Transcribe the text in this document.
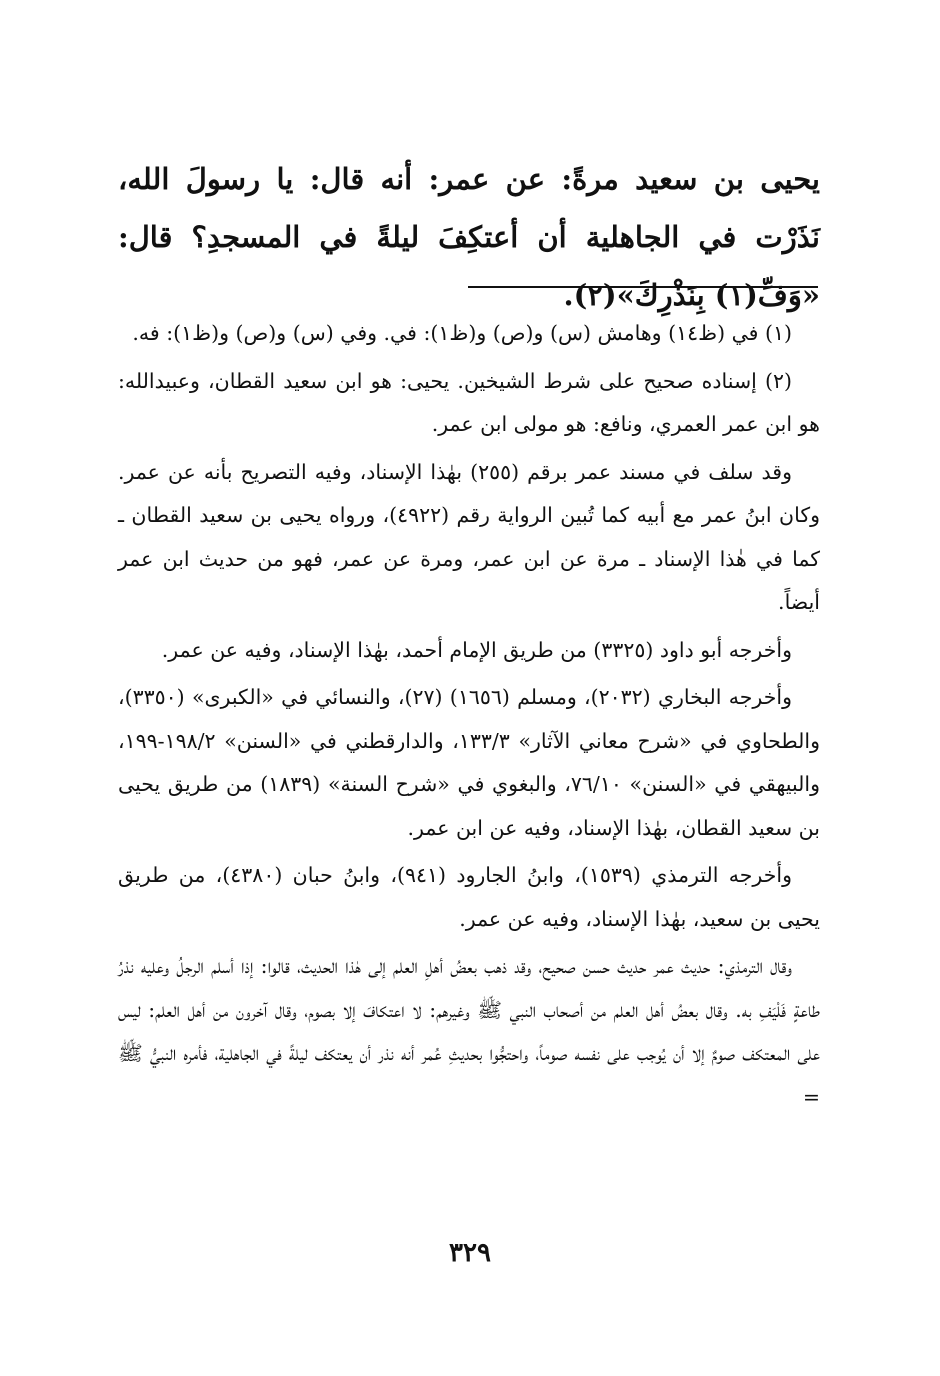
يحيى بن سعيد مرةً: عن عمر: أنه قال: يا رسولَ الله، نَذَرْت في الجاهلية أن أعتكِفَ ليلةً في المسجدِ؟ قال: «وَفِّ(١) بِنَذْرِكَ»(٢).

(١) في (ظ١٤) وهامش (س) و(ص) و(ظ١): في. وفي (س) و(ص) و(ظ١): فه.

(٢) إسناده صحيح على شرط الشيخين. يحيى: هو ابن سعيد القطان، وعبيدالله: هو ابن عمر العمري، ونافع: هو مولى ابن عمر.

وقد سلف في مسند عمر برقم (٢٥٥) بهٰذا الإسناد، وفيه التصريح بأنه عن عمر. وكان ابنُ عمر مع أبيه كما تُبين الرواية رقم (٤٩٢٢)، ورواه يحيى بن سعيد القطان ـ كما في هٰذا الإسناد ـ مرة عن ابن عمر، ومرة عن عمر، فهو من حديث ابن عمر أيضاً.

وأخرجه أبو داود (٣٣٢٥) من طريق الإمام أحمد، بهٰذا الإسناد، وفيه عن عمر.

وأخرجه البخاري (٢٠٣٢)، ومسلم (١٦٥٦) (٢٧)، والنسائي في «الكبرى» (٣٣٥٠)، والطحاوي في «شرح معاني الآثار» ١٣٣/٣، والدارقطني في «السنن» ١٩٨/٢-١٩٩، والبيهقي في «السنن» ٧٦/١٠، والبغوي في «شرح السنة» (١٨٣٩) من طريق يحيى بن سعيد القطان، بهٰذا الإسناد، وفيه عن ابن عمر.

وأخرجه الترمذي (١٥٣٩)، وابنُ الجارود (٩٤١)، وابنُ حبان (٤٣٨٠)، من طريق يحيى بن سعيد، بهٰذا الإسناد، وفيه عن عمر.

وقال الترمذي: حديث عمر حديث حسن صحيح، وقد ذهب بعضُ أهلِ العلم إلى هٰذا الحديث، قالوا: إذا أسلم الرجلُ وعليه نذرُ طاعةٍ فَلْيَفِ به. وقال بعضُ أهل العلم من أصحاب النبي ﷺ وغيرهم: لا اعتكافَ إلا بصوم، وقال آخرون من أهل العلم: ليس على المعتكف صومٌ إلا أن يُوجب على نفسه صوماً، واحتجُّوا بحديثِ عُمر أنه نذر أن يعتكف ليلةً في الجاهلية، فأمره النبيُّ ﷺ =

٣٢٩
